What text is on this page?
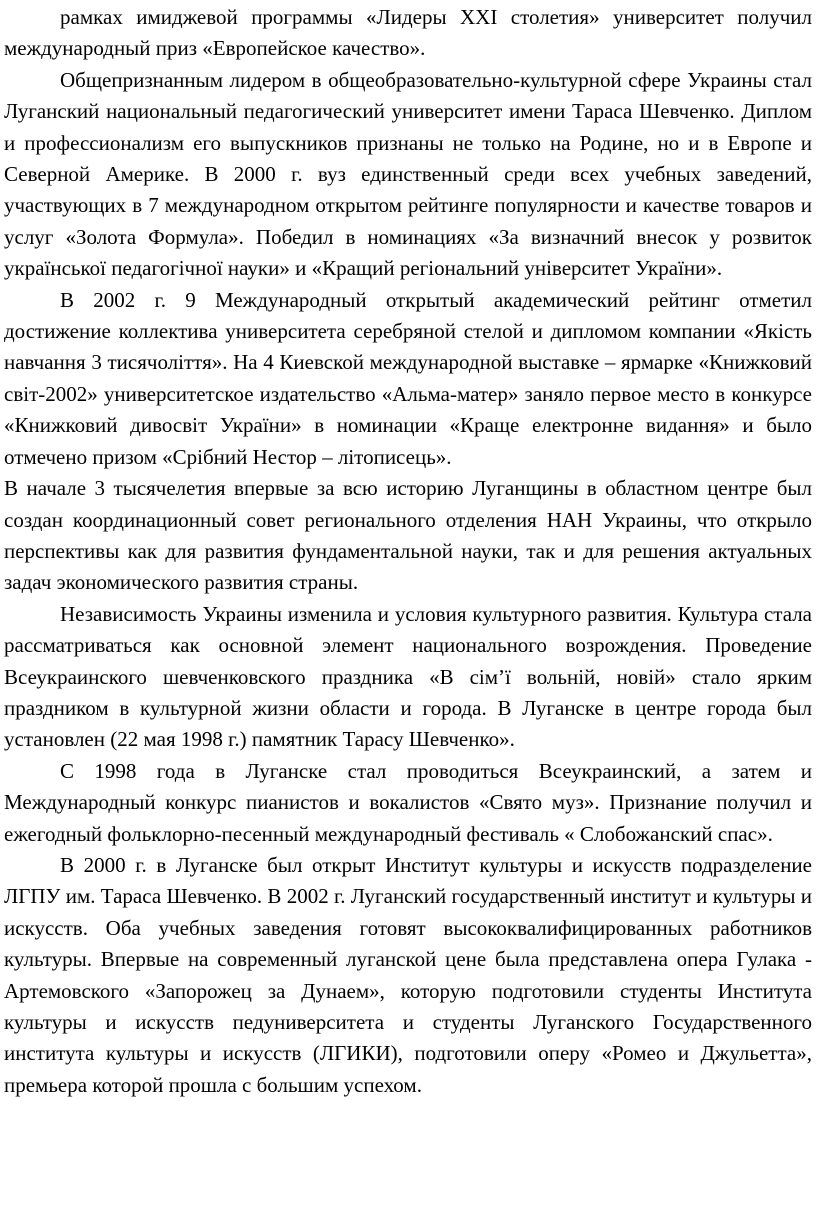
рамках имиджевой программы «Лидеры XXI столетия» университет получил международный приз «Европейское качество».

Общепризнанным лидером в общеобразовательно-культурной сфере Украины стал Луганский национальный педагогический университет имени Тараса Шевченко. Диплом и профессионализм его выпускников признаны не только на Родине, но и в Европе и Северной Америке. В 2000 г. вуз единственный среди всех учебных заведений, участвующих в 7 международном открытом рейтинге популярности и качестве товаров и услуг «Золота Формула». Победил в номинациях «За визначний внесок у розвиток української педагогічної науки» и «Кращий регіональний університет України».

В 2002 г. 9 Международный открытый академический рейтинг отметил достижение коллектива университета серебряной стелой и дипломом компании «Якість навчання 3 тисячоліття». На 4 Киевской международной выставке – ярмарке «Книжковий світ-2002» университетское издательство «Альма-матер» заняло первое место в конкурсе «Книжковий дивосвіт України» в номинации «Краще електронне видання» и было отмечено призом «Срібний Нестор – літописець».

В начале 3 тысячелетия впервые за всю историю Луганщины в областном центре был создан координационный совет регионального отделения НАН Украины, что открыло перспективы как для развития фундаментальной науки, так и для решения актуальных задач экономического развития страны.

Независимость Украины изменила и условия культурного развития. Культура стала рассматриваться как основной элемент национального возрождения. Проведение Всеукраинского шевченковского праздника «В сім’ї вольній, новій» стало ярким праздником в культурной жизни области и города. В Луганске в центре города был установлен (22 мая 1998 г.) памятник Тарасу Шевченко».

С 1998 года в Луганске стал проводиться Всеукраинский, а затем и Международный конкурс пианистов и вокалистов «Свято муз». Признание получил и ежегодный фольклорно-песенный международный фестиваль « Слобожанский спас».

В 2000 г. в Луганске был открыт Институт культуры и искусств подразделение ЛГПУ им. Тараса Шевченко. В 2002 г. Луганский государственный институт и культуры и искусств. Оба учебных заведения готовят высококвалифицированных работников культуры. Впервые на современный луганской цене была представлена опера Гулака - Артемовского «Запорожец за Дунаем», которую подготовили студенты Института культуры и искусств педуниверситета и студенты Луганского Государственного института культуры и искусств (ЛГИКИ), подготовили оперу «Ромео и Джульетта», премьера которой прошла с большим успехом.
